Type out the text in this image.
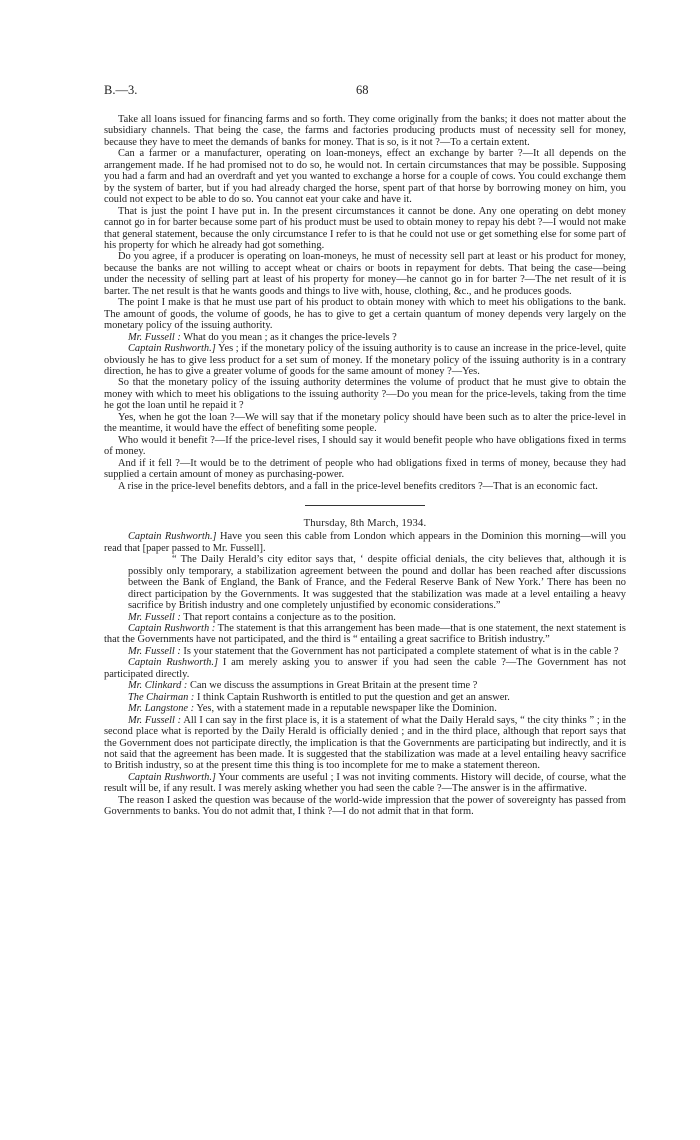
B.—3.	68

Take all loans issued for financing farms and so forth. They come originally from the banks; it does not matter about the subsidiary channels. That being the case, the farms and factories producing products must of necessity sell for money, because they have to meet the demands of banks for money. That is so, is it not ?—To a certain extent.

Can a farmer or a manufacturer, operating on loan-moneys, effect an exchange by barter ?—It all depends on the arrangement made. If he had promised not to do so, he would not. In certain circumstances that may be possible. Supposing you had a farm and had an overdraft and yet you wanted to exchange a horse for a couple of cows. You could exchange them by the system of barter, but if you had already charged the horse, spent part of that horse by borrowing money on him, you could not expect to be able to do so. You cannot eat your cake and have it.

That is just the point I have put in. In the present circumstances it cannot be done. Any one operating on debt money cannot go in for barter because some part of his product must be used to obtain money to repay his debt ?—I would not make that general statement, because the only circumstance I refer to is that he could not use or get something else for some part of his property for which he already had got something.

Do you agree, if a producer is operating on loan-moneys, he must of necessity sell part at least or his product for money, because the banks are not willing to accept wheat or chairs or boots in repayment for debts. That being the case—being under the necessity of selling part at least of his property for money—he cannot go in for barter ?—The net result of it is barter. The net result is that he wants goods and things to live with, house, clothing, &c., and he produces goods.

The point I make is that he must use part of his product to obtain money with which to meet his obligations to the bank. The amount of goods, the volume of goods, he has to give to get a certain quantum of money depends very largely on the monetary policy of the issuing authority.

Mr. Fussell : What do you mean ; as it changes the price-levels ?

Captain Rushworth.] Yes ; if the monetary policy of the issuing authority is to cause an increase in the price-level, quite obviously he has to give less product for a set sum of money. If the monetary policy of the issuing authority is in a contrary direction, he has to give a greater volume of goods for the same amount of money ?—Yes.

So that the monetary policy of the issuing authority determines the volume of product that he must give to obtain the money with which to meet his obligations to the issuing authority ?—Do you mean for the price-levels, taking from the time he got the loan until he repaid it ?

Yes, when he got the loan ?—We will say that if the monetary policy should have been such as to alter the price-level in the meantime, it would have the effect of benefiting some people.

Who would it benefit ?—If the price-level rises, I should say it would benefit people who have obligations fixed in terms of money.

And if it fell ?—It would be to the detriment of people who had obligations fixed in terms of money, because they had supplied a certain amount of money as purchasing-power.

A rise in the price-level benefits debtors, and a fall in the price-level benefits creditors ?—That is an economic fact.

Thursday, 8th March, 1934.

Captain Rushworth.] Have you seen this cable from London which appears in the Dominion this morning—will you read that [paper passed to Mr. Fussell].

“ The Daily Herald’s city editor says that, ‘ despite official denials, the city believes that, although it is possibly only temporary, a stabilization agreement between the pound and dollar has been reached after discussions between the Bank of England, the Bank of France, and the Federal Reserve Bank of New York.’ There has been no direct participation by the Governments. It was suggested that the stabilization was made at a level entailing a heavy sacrifice by British industry and one completely unjustified by economic considerations.”

Mr. Fussell : That report contains a conjecture as to the position.

Captain Rushworth : The statement is that this arrangement has been made—that is one statement, the next statement is that the Governments have not participated, and the third is “ entailing a great sacrifice to British industry.”

Mr. Fussell : Is your statement that the Government has not participated a complete statement of what is in the cable ?

Captain Rushworth.] I am merely asking you to answer if you had seen the cable ?—The Government has not participated directly.

Mr. Clinkard : Can we discuss the assumptions in Great Britain at the present time ?

The Chairman : I think Captain Rushworth is entitled to put the question and get an answer.

Mr. Langstone : Yes, with a statement made in a reputable newspaper like the Dominion.

Mr. Fussell : All I can say in the first place is, it is a statement of what the Daily Herald says, “ the city thinks ” ; in the second place what is reported by the Daily Herald is officially denied ; and in the third place, although that report says that the Government does not participate directly, the implication is that the Governments are participating but indirectly, and it is not said that the agreement has been made. It is suggested that the stabilization was made at a level entailing heavy sacrifice to British industry, so at the present time this thing is too incomplete for me to make a statement thereon.

Captain Rushworth.] Your comments are useful ; I was not inviting comments. History will decide, of course, what the result will be, if any result. I was merely asking whether you had seen the cable ?—The answer is in the affirmative.

The reason I asked the question was because of the world-wide impression that the power of sovereignty has passed from Governments to banks. You do not admit that, I think ?—I do not admit that in that form.
